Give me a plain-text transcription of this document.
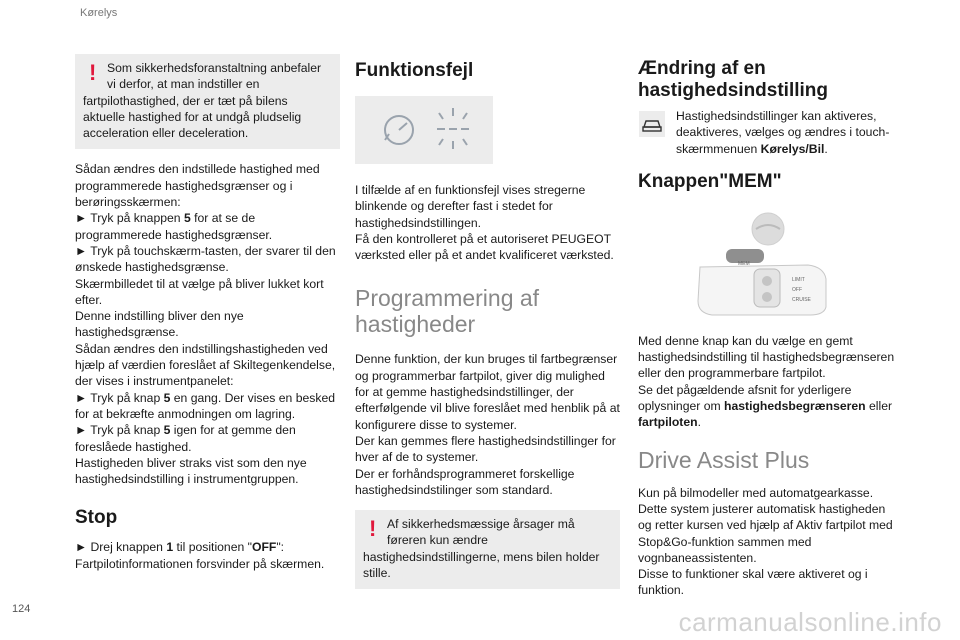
Kørelys
! Som sikkerhedsforanstaltning anbefaler
vi derfor, at man indstiller en
fartpilothastighed, der er tæt på bilens aktuelle hastighed for at undgå pludselig acceleration eller deceleration.

Sådan ændres den indstillede hastighed med programmerede hastighedsgrænser og i berøringsskærmen:

► Tryk på knappen 5 for at se de programmerede hastighedsgrænser.

► Tryk på touchskærm-tasten, der svarer til den ønskede hastighedsgrænse.

Skærmbilledet til at vælge på bliver lukket kort efter.

Denne indstilling bliver den nye hastighedsgrænse.

Sådan ændres den indstillingshastigheden ved hjælp af værdien foreslået af Skiltegenkendelse, der vises i instrumentpanelet:

► Tryk på knap 5 en gang. Der vises en besked for at bekræfte anmodningen om lagring.

► Tryk på knap 5 igen for at gemme den foreslåede hastighed.

Hastigheden bliver straks vist som den nye hastighedsindstilling i instrumentgruppen.

Stop

► Drej knappen 1 til positionen "OFF": Fartpilotinformationen forsvinder på skærmen.

Funktionsfejl

I tilfælde af en funktionsfejl vises stregerne blinkende og derefter fast i stedet for hastighedsindstillingen.

Få den kontrolleret på et autoriseret PEUGEOT værksted eller på et andet kvalificeret værksted.

Programmering af
hastigheder

Denne funktion, der kun bruges til fartbegrænser og programmerbar fartpilot, giver dig mulighed for at gemme hastighedsindstillinger, der efterfølgende vil blive foreslået med henblik på at konfigurere disse to systemer.

Der kan gemmes flere hastighedsindstillinger for hver af de to systemer.

Der er forhåndsprogrammeret forskellige hastighedsindstilinger som standard.

! Af sikkerhedsmæssige årsager må
føreren kun ændre
hastighedsindstillingerne, mens bilen holder stille.
Ændring af en
hastighedsindstilling

Hastighedsindstillinger kan aktiveres, deaktiveres, vælges og ændres i touch-skærmmenuen Kørelys/Bil.

Knappen"MEM"
MEM
LIMIT
OFF
CRUISE

Med denne knap kan du vælge en gemt hastighedsindstilling til hastighedsbegrænseren eller den programmerbare fartpilot.

Se det pågældende afsnit for yderligere oplysninger om hastighedsbegrænseren eller fartpiloten.

Drive Assist Plus

Kun på bilmodeller med automatgearkasse.

Dette system justerer automatisk hastigheden og retter kursen ved hjælp af Aktiv fartpilot med Stop&Go-funktion sammen med vognbaneassistenten.

Disse to funktioner skal være aktiveret og i funktion.

124	carmanualsonline.info
